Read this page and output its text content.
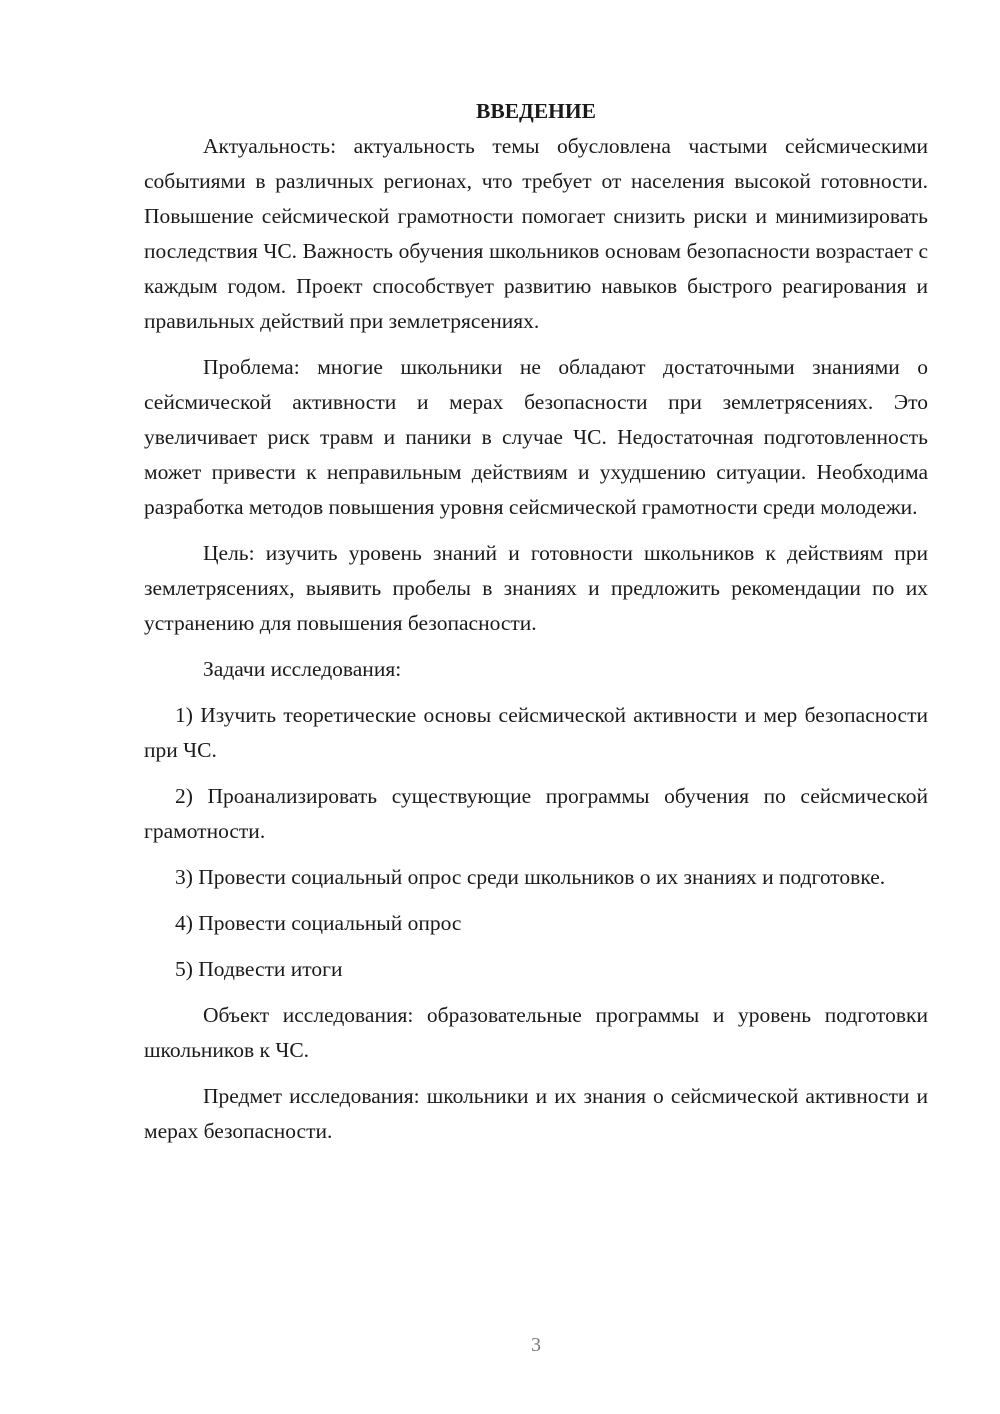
ВВЕДЕНИЕ

Актуальность: актуальность темы обусловлена частыми сейсмическими событиями в различных регионах, что требует от населения высокой готовности. Повышение сейсмической грамотности помогает снизить риски и минимизировать последствия ЧС. Важность обучения школьников основам безопасности возрастает с каждым годом. Проект способствует развитию навыков быстрого реагирования и правильных действий при землетрясениях.

Проблема: многие школьники не обладают достаточными знаниями о сейсмической активности и мерах безопасности при землетрясениях. Это увеличивает риск травм и паники в случае ЧС. Недостаточная подготовленность может привести к неправильным действиям и ухудшению ситуации. Необходима разработка методов повышения уровня сейсмической грамотности среди молодежи.

Цель: изучить уровень знаний и готовности школьников к действиям при землетрясениях, выявить пробелы в знаниях и предложить рекомендации по их устранению для повышения безопасности.

Задачи исследования:

1) Изучить теоретические основы сейсмической активности и мер безопасности при ЧС.

2) Проанализировать существующие программы обучения по сейсмической грамотности.

3) Провести социальный опрос среди школьников о их знаниях и подготовке.

4) Провести социальный опрос

5) Подвести итоги

Объект исследования: образовательные программы и уровень подготовки школьников к ЧС.

Предмет исследования: школьники и их знания о сейсмической активности и мерах безопасности.

3
